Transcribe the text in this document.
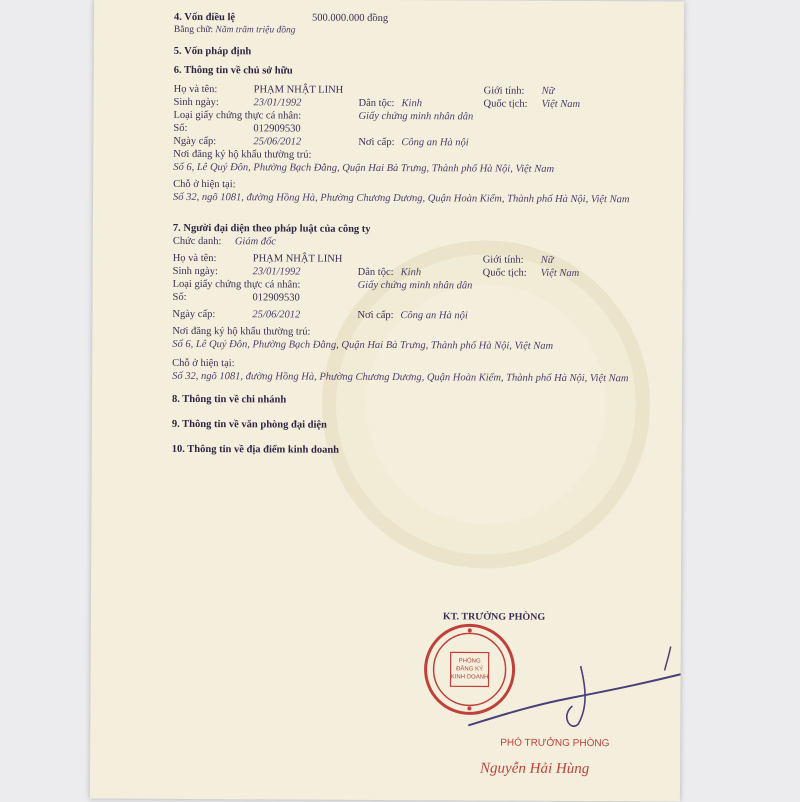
4. Vốn điều lệ	500.000.000 đồng
Bằng chữ: Năm trăm triệu đồng
5. Vốn pháp định
6. Thông tin về chủ sở hữu
Họ và tên:	PHẠM NHẬT LINH	Giới tính: Nữ
Sinh ngày:	23/01/1992	Dân tộc: Kinh	Quốc tịch: Việt Nam
Loại giấy chứng thực cá nhân:	Giấy chứng minh nhân dân
Số:	012909530
Ngày cấp:	25/06/2012	Nơi cấp: Công an Hà nội
Nơi đăng ký hộ khẩu thường trú:
Số 6, Lê Quý Đôn, Phường Bạch Đằng, Quận Hai Bà Trưng, Thành phố Hà Nội, Việt Nam
Chỗ ở hiện tại:
Số 32, ngõ 1081, đường Hồng Hà, Phường Chương Dương, Quận Hoàn Kiếm, Thành phố Hà Nội, Việt Nam
7. Người đại diện theo pháp luật của công ty
Chức danh: Giám đốc
Họ và tên:	PHẠM NHẬT LINH	Giới tính: Nữ
Sinh ngày:	23/01/1992	Dân tộc: Kinh	Quốc tịch: Việt Nam
Loại giấy chứng thực cá nhân:	Giấy chứng minh nhân dân
Số:	012909530
Ngày cấp:	25/06/2012	Nơi cấp: Công an Hà nội
Nơi đăng ký hộ khẩu thường trú:
Số 6, Lê Quý Đôn, Phường Bạch Đằng, Quận Hai Bà Trưng, Thành phố Hà Nội, Việt Nam
Chỗ ở hiện tại:
Số 32, ngõ 1081, đường Hồng Hà, Phường Chương Dương, Quận Hoàn Kiếm, Thành phố Hà Nội, Việt Nam
8. Thông tin về chi nhánh
9. Thông tin về văn phòng đại diện
10. Thông tin về địa điểm kinh doanh
KT. TRƯỞNG PHÒNG
PHÒNG
ĐĂNG KÝ
KINH DOANH
PHÓ TRƯỞNG PHÒNG
Nguyễn Hải Hùng
